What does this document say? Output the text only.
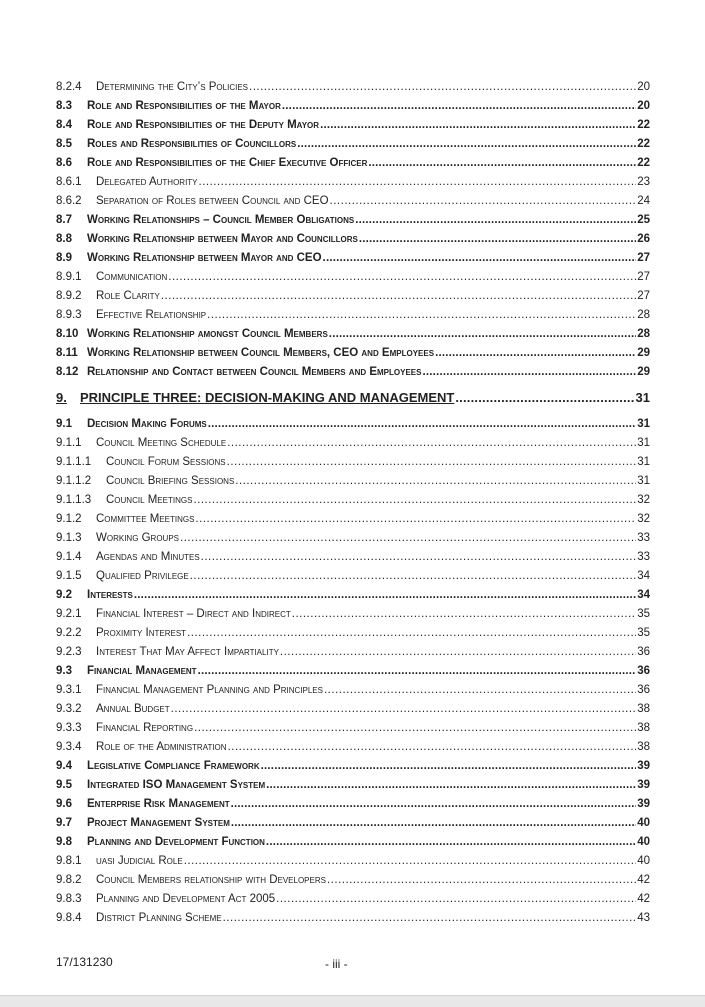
8.2.4	Determining the City’s Policies .....	20
8.3	Role and Responsibilities of the Mayor .....	20
8.4	Role and Responsibilities of the Deputy Mayor .....	22
8.5	Roles and Responsibilities of Councillors .....	22
8.6	Role and Responsibilities of the Chief Executive Officer .....	22
8.6.1	Delegated Authority .....	23
8.6.2	Separation of Roles between Council and CEO .....	24
8.7	Working Relationships – Council Member Obligations .....	25
8.8	Working Relationship between Mayor and Councillors .....	26
8.9	Working Relationship between Mayor and CEO .....	27
8.9.1	Communication .....	27
8.9.2	Role Clarity .....	27
8.9.3	Effective Relationship .....	28
8.10 Working Relationship amongst Council Members .....	28
8.11 Working Relationship between Council Members, CEO and Employees .....	29
8.12 Relationship and Contact between Council Members and Employees .....	29
9.	PRINCIPLE THREE: DECISION-MAKING AND MANAGEMENT .....	31
9.1	Decision Making Forums .....	31
9.1.1	Council Meeting Schedule .....	31
9.1.1.1	Council Forum Sessions .....	31
9.1.1.2	Council Briefing Sessions .....	31
9.1.1.3	Council Meetings .....	32
9.1.2	Committee Meetings .....	32
9.1.3	Working Groups .....	33
9.1.4	Agendas and Minutes .....	33
9.1.5	Qualified Privilege .....	34
9.2	Interests .....	34
9.2.1	Financial Interest – Direct and Indirect .....	35
9.2.2	Proximity Interest .....	35
9.2.3	Interest That May Affect Impartiality .....	36
9.3	Financial Management .....	36
9.3.1	Financial Management Planning and Principles .....	36
9.3.2	Annual Budget .....	38
9.3.3	Financial Reporting .....	38
9.3.4	Role of the Administration .....	38
9.4	Legislative Compliance Framework .....	39
9.5	Integrated ISO Management System .....	39
9.6	Enterprise Risk Management .....	39
9.7	Project Management System .....	40
9.8	Planning and Development Function .....	40
9.8.1	uasi Judicial Role .....	40
9.8.2	Council Members relationship with Developers .....	42
9.8.3	Planning and Development Act 2005 .....	42
9.8.4	District Planning Scheme .....	43
17/131230	- iii -
